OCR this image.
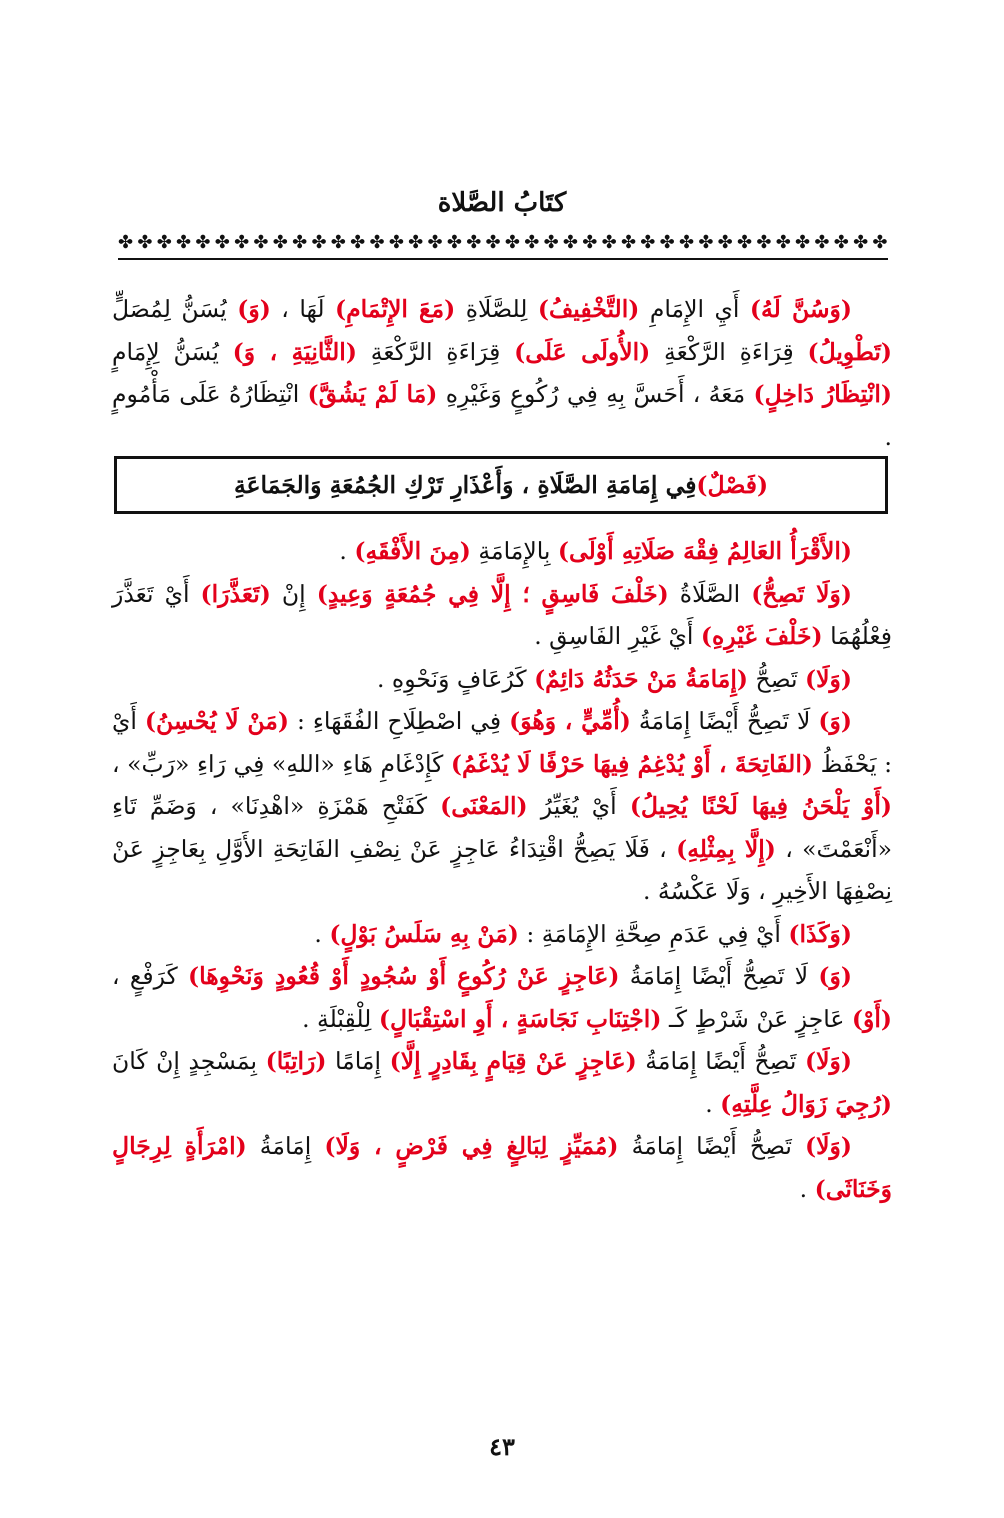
كتَابُ الصَّلاة
✤ ✤ ✤ ✤ ✤ ✤ ✤ ✤ ✤ ✤ ✤ ✤ ✤ ✤ ✤ ✤ ✤ ✤ ✤ ✤ ✤ ✤ ✤ ✤ ✤ ✤ ✤ ✤ ✤ ✤ ✤ ✤ ✤ ✤ ✤ ✤ ✤ ✤ ✤ ✤

(وَسُنَّ لَهُ) أَيِ الإِمَامِ (التَّخْفِيفُ) لِلصَّلَاةِ (مَعَ الإِتْمَامِ) لَهَا ، (وَ) يُسَنُّ لِمُصَلٍّ (تَطْوِيلُ) قِرَاءَةِ الرَّكْعَةِ (الأُولَى عَلَى) قِرَاءَةِ الرَّكْعَةِ (الثَّانِيَةِ ، وَ) يُسَنُّ لِإِمَامٍ (انْتِظَارُ دَاخِلٍ) مَعَهُ ، أَحَسَّ بِهِ فِي رُكُوعٍ وَغَيْرِهِ (مَا لَمْ يَشُقَّ) انْتِظَارُهُ عَلَى مَأْمُومٍ .

(فَصْلٌ)
فِي إِمَامَةِ الصَّلَاةِ ، وَأَعْذَارِ تَرْكِ الجُمُعَةِ وَالجَمَاعَةِ

(الأَقْرَأُ العَالِمُ فِقْهَ صَلَاتِهِ أَوْلَى) بِالإِمَامَةِ (مِنَ الأَفْقَهِ) .

(وَلَا تَصِحُّ) الصَّلَاةُ (خَلْفَ فَاسِقٍ ؛ إِلَّا فِي جُمُعَةٍ وَعِيدٍ) إِنْ (تَعَذَّرَا) أَيْ تَعَذَّرَ فِعْلُهُمَا (خَلْفَ غَيْرِهِ) أَيْ غَيْرِ الفَاسِقِ .

(وَلَا) تَصِحُّ (إِمَامَةُ مَنْ حَدَثُهُ دَائِمٌ) كَرُعَافٍ وَنَحْوِهِ .

(وَ) لَا تَصِحُّ أَيْضًا إِمَامَةُ (أُمِّيٍّ ، وَهُوَ) فِي اصْطِلَاحِ الفُقَهَاءِ : (مَنْ لَا يُحْسِنُ) أَيْ : يَحْفَظُ (الفَاتِحَةَ ، أَوْ يُدْغِمُ فِيهَا حَرْفًا لَا يُدْغَمُ) كَإِدْغَامِ هَاءِ «اللهِ» فِي رَاءِ «رَبِّ» ، (أَوْ يَلْحَنُ فِيهَا لَحْنًا يُحِيلُ) أَيْ يُغَيِّرُ (المَعْنَى) كَفَتْحِ هَمْزَةِ «اهْدِنَا» ، وَضَمِّ تَاءِ «أَنْعَمْتَ» ، (إِلَّا بِمِثْلِهِ) ، فَلَا يَصِحُّ اقْتِدَاءُ عَاجِزٍ عَنْ نِصْفِ الفَاتِحَةِ الأَوَّلِ بِعَاجِزٍ عَنْ نِصْفِهَا الأَخِيرِ ، وَلَا عَكْسُهُ .

(وَكَذَا) أَيْ فِي عَدَمِ صِحَّةِ الإِمَامَةِ : (مَنْ بِهِ سَلَسُ بَوْلٍ) .

(وَ) لَا تَصِحُّ أَيْضًا إِمَامَةُ (عَاجِزٍ عَنْ رُكُوعٍ أَوْ سُجُودٍ أَوْ قُعُودٍ وَنَحْوِهَا) كَرَفْعٍ ، (أَوْ) عَاجِزٍ عَنْ شَرْطٍ كَـ (اجْتِنَابِ نَجَاسَةٍ ، أَوِ اسْتِقْبَالٍ) لِلْقِبْلَةِ .

(وَلَا) تَصِحُّ أَيْضًا إِمَامَةُ (عَاجِزٍ عَنْ قِيَامٍ بِقَادِرٍ إِلَّا) إِمَامًا (رَاتِبًا) بِمَسْجِدٍ إِنْ كَانَ (رُجِيَ زَوَالُ عِلَّتِهِ) .

(وَلَا) تَصِحُّ أَيْضًا إِمَامَةُ (مُمَيِّزٍ لِبَالِغٍ فِي فَرْضٍ ، وَلَا) إِمَامَةُ (امْرَأَةٍ لِرِجَالٍ وَخَنَاثَى) .

٤٣
